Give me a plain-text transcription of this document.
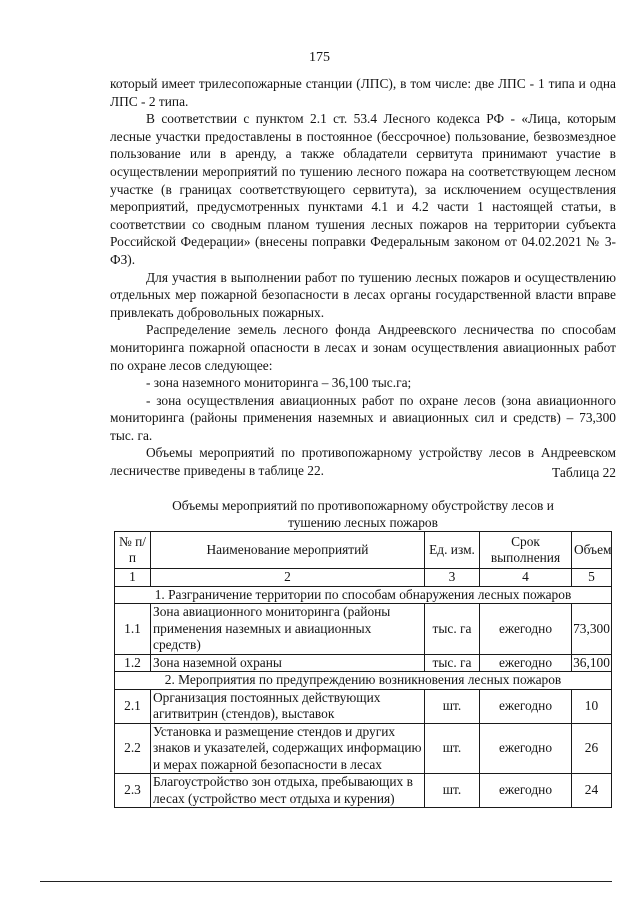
175

который имеет трилесопожарные станции (ЛПС), в том числе: две ЛПС - 1 типа и одна ЛПС - 2 типа.

В соответствии с пунктом 2.1 ст. 53.4 Лесного кодекса РФ - «Лица, которым лесные участки предоставлены в постоянное (бессрочное) пользование, безвозмездное пользование или в аренду, а также обладатели сервитута принимают участие в осуществлении мероприятий по тушению лесного пожара на соответствующем лесном участке (в границах соответствующего сервитута), за исключением осуществления мероприятий, предусмотренных пунктами 4.1 и 4.2 части 1 настоящей статьи, в соответствии со сводным планом тушения лесных пожаров на территории субъекта Российской Федерации» (внесены поправки Федеральным законом от 04.02.2021 № 3-ФЗ).

Для участия в выполнении работ по тушению лесных пожаров и осуществлению отдельных мер пожарной безопасности в лесах органы государственной власти вправе привлекать добровольных пожарных.

Распределение земель лесного фонда Андреевского лесничества по способам мониторинга пожарной опасности в лесах и зонам осуществления авиационных работ по охране лесов следующее:

- зона наземного мониторинга – 36,100 тыс.га;

- зона осуществления авиационных работ по охране лесов (зона авиационного мониторинга (районы применения наземных и авиационных сил и средств) – 73,300 тыс. га.

Объемы мероприятий по противопожарному устройству лесов в Андреевском лесничестве приведены в таблице 22.	Таблица 22
Объемы мероприятий по противопожарному обустройству лесов и
тушению лесных пожаров
№ п/п	Наименование мероприятий	Ед. изм.	Срок выполнения	Объем
1	2	3	4	5
1. Разграничение территории по способам обнаружения лесных пожаров				
1.1	Зона авиационного мониторинга (районы применения наземных и авиационных средств)	тыс. га	ежегодно	73,300
1.2	Зона наземной охраны	тыс. га	ежегодно	36,100
2. Мероприятия по предупреждению возникновения лесных пожаров				
2.1	Организация постоянных действующих агитвитрин (стендов), выставок	шт.	ежегодно	10
2.2	Установка и размещение стендов и других знаков и указателей, содержащих информацию и мерах пожарной безопасности в лесах	шт.	ежегодно	26
2.3	Благоустройство зон отдыха, пребывающих в лесах (устройство мест отдыха и курения)	шт.	ежегодно	24
